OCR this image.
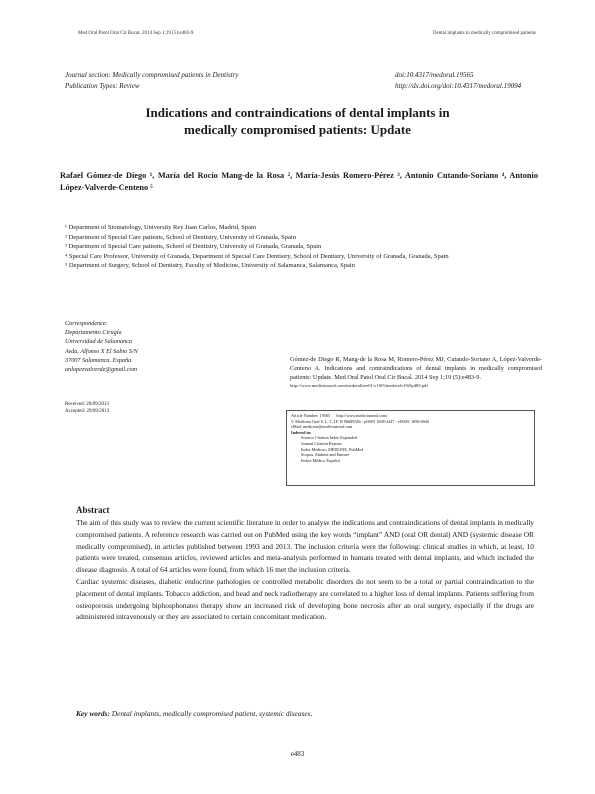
Med Oral Patol Oral Cir Bucal. 2014 Sep 1;19 (5):e483-9.	Dental implants in medically compromised patients
Journal section: Medically compromised patients in Dentistry
Publication Types: Review
doi:10.4317/medoral.19565
http://dx.doi.org/doi:10.4317/medoral.19094
Indications and contraindications of dental implants in
medically compromised patients: Update
Rafael Gómez-de Diego ¹, María del Rocío Mang-de la Rosa ², María-Jesús Romero-Pérez ³, Antonio Cutando-Soriano ⁴, Antonio López-Valverde-Centeno ⁵
¹ Department of Stomatology, University Rey Juan Carlos, Madrid, Spain
² Department of Special Care patients, School of Dentistry, University of Granada, Spain
³ Department of Special Care patients, School of Dentistry, University of Granada, Granada, Spain
⁴ Special Care Professor, University of Granada, Department of Special Care Dentistry, School of Dentistry, University of Granada, Granada, Spain
⁵ Department of Surgery, School of Dentistry, Faculty of Medicine, University of Salamanca, Salamanca, Spain
Correspondence:
Departamento Cirugía
Universidad de Salamanca
Avda. Alfonso X El Sabio S/N
37007 Salamanca. España
anlopezvalverde@gmail.com
Received: 20/09/2013
Accepted: 29/09/2013
Gómez-de Diego R, Mang-de la Rosa M, Romero-Pérez MJ, Cutando-Soriano A, López-Valverde-Centeno A. Indications and contraindications of dental implants in medically compromised patients: Update. Med Oral Patol Oral Cir Bucal. 2014 Sep 1;19 (5):e483-9.
http://www.medicinaoral.com/medoralfree01/v19i5/medoralv19i5p483.pdf
Article Number: 19565 http://www.medicinaoral.com/
© Medicina Oral S. L. C.I.F. B 96689336 - pISSN 1698-4447 - eISSN: 1698-6946
eMail: medicina@medicinaoral.com
Indexed in:
Science Citation Index Expanded
Journal Citation Reports
Index Medicus, MEDLINE, PubMed
Scopus, Embase and Emcare
Indice Médico Español
Abstract

The aim of this study was to review the current scientific literature in order to analyse the indications and contraindications of dental implants in medically compromised patients. A reference research was carried out on PubMed using the key words “implant” AND (oral OR dental) AND (systemic disease OR medically compromised), in articles published between 1993 and 2013. The inclusion criteria were the following: clinical studies in which, at least, 10 patients were treated, consensus articles, reviewed articles and meta-analysis performed in humans treated with dental implants, and which included the disease diagnosis. A total of 64 articles were found, from which 16 met the inclusion criteria.

Cardiac systemic diseases, diabetic endocrine pathologies or controlled metabolic disorders do not seem to be a total or partial contraindication to the placement of dental implants. Tobacco addiction, and head and neck radiotherapy are correlated to a higher loss of dental implants. Patients suffering from osteoporosis undergoing biphosphonates therapy show an increased risk of developing bone necrosis after an oral surgery, especially if the drugs are administered intravenously or they are associated to certain concomitant medication.

Key words: Dental implants, medically compromised patient, systemic diseases.
e483
